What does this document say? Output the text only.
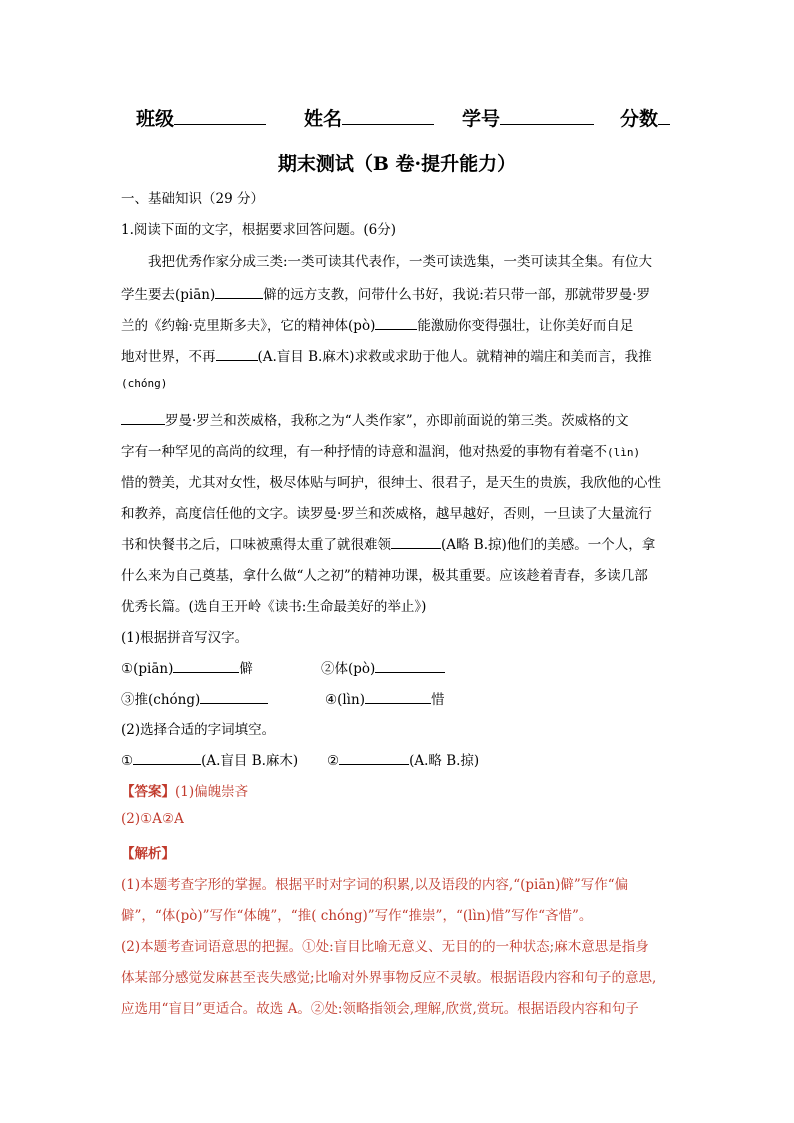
班级	姓名	学号	分数
期末测试（B 卷·提升能力）
一、基础知识（29 分）
1.阅读下面的文字，根据要求回答问题。(6分)
我把优秀作家分成三类:一类可读其代表作，一类可读选集，一类可读其全集。有位大
学生要去(piān)	僻的远方支教，问带什么书好，我说:若只带一部，那就带罗曼·罗
兰的《约翰·克里斯多夫》，它的精神体(pò)	能激励你变得强壮，让你美好而自足
地对世界，不再	(A.盲目 B.麻木)求救或求助于他人。就精神的端庄和美而言，我推
(chóng)
罗曼·罗兰和茨威格，我称之为“人类作家”，亦即前面说的第三类。茨威格的文
字有一种罕见的高尚的纹理，有一种抒情的诗意和温润，他对热爱的事物有着毫不(lìn)
惜的赞美，尤其对女性，极尽体贴与呵护，很绅士、很君子，是天生的贵族，我欣他的心性
和教养，高度信任他的文字。读罗曼·罗兰和茨威格，越早越好，否则，一旦读了大量流行
书和快餐书之后，口味被熏得太重了就很难领	(A略 B.掠)他们的美感。一个人，拿
什么来为自己奠基，拿什么做“人之初”的精神功课，极其重要。应该趁着青春，多读几部
优秀长篇。(选自王开岭《读书:生命最美好的举止》)
(1)根据拼音写汉字。
①(piān)	僻	②体(pò)
③推(chóng)	④(lìn)	惜
(2)选择合适的字词填空。
①	(A.盲目 B.麻木) ②	(A.略 B.掠)
【答案】(1)偏魄崇吝
(2)①A②A
【解析】
(1)本题考查字形的掌握。根据平时对字词的积累,以及语段的内容,“(piān)僻”写作“偏
僻”，“体(pò)”写作“体魄”，“推( chóng)”写作“推崇”，“(lìn)惜”写作“吝惜”。
(2)本题考查词语意思的把握。①处:盲目比喻无意义、无目的的一种状态;麻木意思是指身
体某部分感觉发麻甚至丧失感觉;比喻对外界事物反应不灵敏。根据语段内容和句子的意思,
应选用“盲目”更适合。故选 A。②处:领略指领会,理解,欣赏,赏玩。根据语段内容和句子
